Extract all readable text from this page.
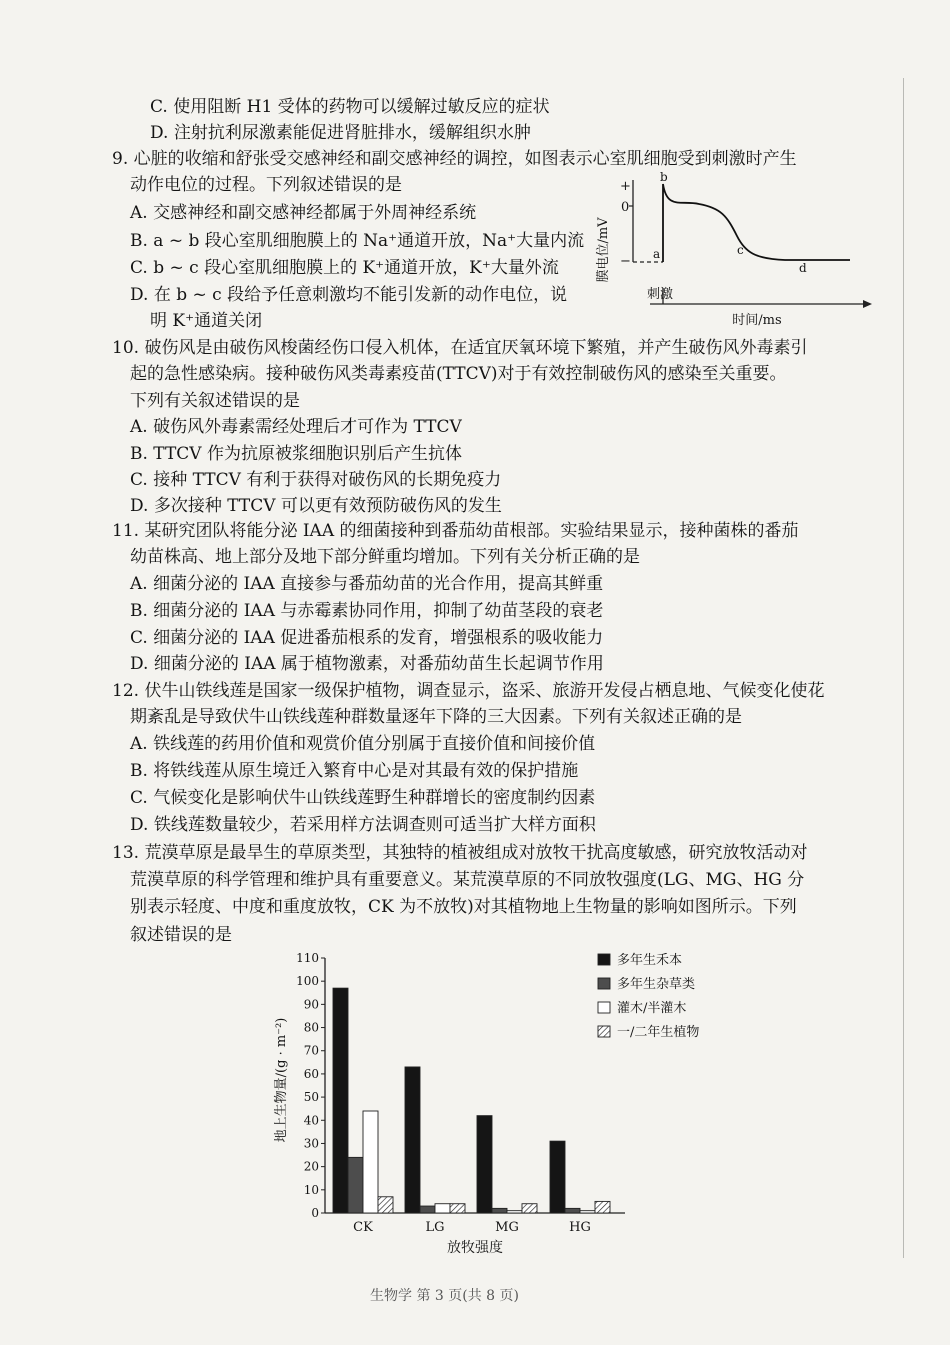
C. 使用阻断 H1 受体的药物可以缓解过敏反应的症状
D. 注射抗利尿激素能促进肾脏排水，缓解组织水肿
9. 心脏的收缩和舒张受交感神经和副交感神经的调控，如图表示心室肌细胞受到刺激时产生
动作电位的过程。下列叙述错误的是
A. 交感神经和副交感神经都属于外周神经系统
B. a ~ b 段心室肌细胞膜上的 Na⁺通道开放，Na⁺大量内流
C. b ~ c 段心室肌细胞膜上的 K⁺通道开放，K⁺大量外流
D. 在 b ~ c 段给予任意刺激均不能引发新的动作电位，说
明 K⁺通道关闭
膜电位/mV
+
0
− a
b
c
d
刺激
时间/ms
10. 破伤风是由破伤风梭菌经伤口侵入机体，在适宜厌氧环境下繁殖，并产生破伤风外毒素引
起的急性感染病。接种破伤风类毒素疫苗(TTCV)对于有效控制破伤风的感染至关重要。
下列有关叙述错误的是
A. 破伤风外毒素需经处理后才可作为 TTCV
B. TTCV 作为抗原被浆细胞识别后产生抗体
C. 接种 TTCV 有利于获得对破伤风的长期免疫力
D. 多次接种 TTCV 可以更有效预防破伤风的发生
11. 某研究团队将能分泌 IAA 的细菌接种到番茄幼苗根部。实验结果显示，接种菌株的番茄
幼苗株高、地上部分及地下部分鲜重均增加。下列有关分析正确的是
A. 细菌分泌的 IAA 直接参与番茄幼苗的光合作用，提高其鲜重
B. 细菌分泌的 IAA 与赤霉素协同作用，抑制了幼苗茎段的衰老
C. 细菌分泌的 IAA 促进番茄根系的发育，增强根系的吸收能力
D. 细菌分泌的 IAA 属于植物激素，对番茄幼苗生长起调节作用
12. 伏牛山铁线莲是国家一级保护植物，调查显示，盗采、旅游开发侵占栖息地、气候变化使花
期紊乱是导致伏牛山铁线莲种群数量逐年下降的三大因素。下列有关叙述正确的是
A. 铁线莲的药用价值和观赏价值分别属于直接价值和间接价值
B. 将铁线莲从原生境迁入繁育中心是对其最有效的保护措施
C. 气候变化是影响伏牛山铁线莲野生种群增长的密度制约因素
D. 铁线莲数量较少，若采用样方法调查则可适当扩大样方面积
13. 荒漠草原是最旱生的草原类型，其独特的植被组成对放牧干扰高度敏感，研究放牧活动对
荒漠草原的科学管理和维护具有重要意义。某荒漠草原的不同放牧强度(LG、MG、HG 分
别表示轻度、中度和重度放牧，CK 为不放牧)对其植物地上生物量的影响如图所示。下列
叙述错误的是
地上生物量/(g · m⁻²)
放牧强度
0
10
20
30
40
50
60
70
80
90
100
110
CK	LG	MG	HG
多年生禾本
多年生杂草类
灌木/半灌木
一/二年生植物
生物学 第 3 页(共 8 页)
